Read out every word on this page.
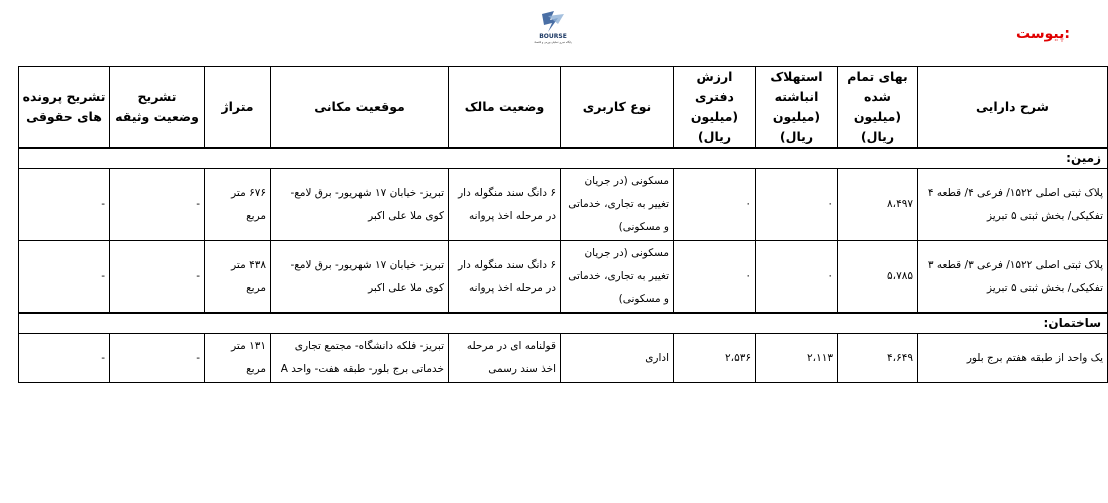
پیوست:
BOURSE
پایگاه خبری تحلیلی بورس و اقتصاد
شرح دارایی	بهای تمام شده (میلیون ریال)	استهلاک انباشته (میلیون ریال)	ارزش دفتری (میلیون ریال)	نوع کاربری	وضعیت مالک	موقعیت مکانی	متراژ	تشریح وضعیت وثیقه	تشریح پرونده های حقوقی
زمین:									
پلاک ثبتی اصلی ۱۵۲۲/ فرعی ۴/ قطعه ۴ تفکیکی/ بخش ثبتی ۵ تبریز	۸،۴۹۷	۰	۰	مسکونی (در جریان تغییر به تجاری، خدماتی و مسکونی)	۶ دانگ سند منگوله دار در مرحله اخذ پروانه	تبریز- خیابان ۱۷ شهریور- برق لامع- کوی ملا علی اکبر	۶۷۶ متر مربع	-	-
پلاک ثبتی اصلی ۱۵۲۲/ فرعی ۳/ قطعه ۳ تفکیکی/ بخش ثبتی ۵ تبریز	۵،۷۸۵	۰	۰	مسکونی (در جریان تغییر به تجاری، خدماتی و مسکونی)	۶ دانگ سند منگوله دار در مرحله اخذ پروانه	تبریز- خیابان ۱۷ شهریور- برق لامع- کوی ملا علی اکبر	۴۳۸ متر مربع	-	-
ساختمان:									
یک واحد از طبقه هفتم برج بلور	۴،۶۴۹	۲،۱۱۳	۲،۵۳۶	اداری	قولنامه ای در مرحله اخذ سند رسمی	تبریز- فلکه دانشگاه- مجتمع تجاری خدماتی برج بلور- طبقه هفت- واحد A	۱۳۱ متر مربع	-	-
